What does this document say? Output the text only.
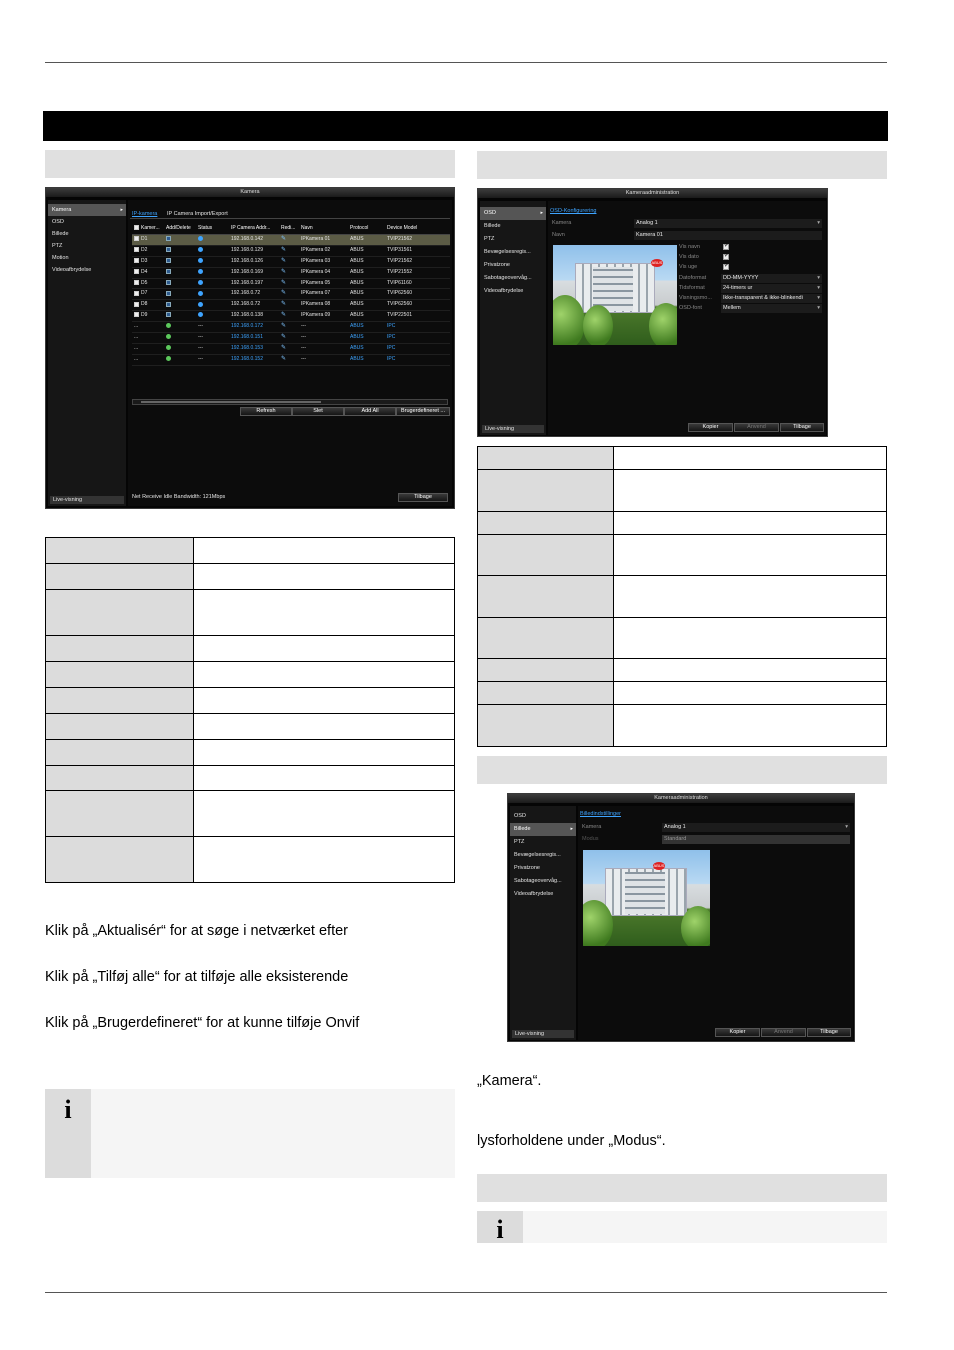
Kamera
Kamera ▸
OSD
Billede
PTZ
Motion
Videoafbrydelse
Live-visning
IP-kamera IP Camera Import/Export
Kamer...	Add/Delete	Status	IP Camera Addr...	Redi...	Navn	Protocol	Device Model
D1			192.168.0.142	✎	IPKamera 01	ABUS	TVIP21562
D2			192.168.0.129	✎	IPKamera 02	ABUS	TVIP31561
D3			192.168.0.126	✎	IPKamera 03	ABUS	TVIP21562
D4			192.168.0.169	✎	IPKamera 04	ABUS	TVIP21552
D5			192.168.0.197	✎	IPKamera 05	ABUS	TVIP61160
D7			192.168.0.72	✎	IPKamera 07	ABUS	TVIP62560
D8			192.168.0.72	✎	IPKamera 08	ABUS	TVIP62560
D9			192.168.0.138	✎	IPKamera 09	ABUS	TVIP22501
...		---	192.168.0.172	✎	---	ABUS	IPC
...		---	192.168.0.151	✎	---	ABUS	IPC
...		---	192.168.0.153	✎	---	ABUS	IPC
...		---	192.168.0.152	✎	---	ABUS	IPC
Refresh	Slet	Add All	Brugerdefineret ...
Net Receive Idle Bandwidth: 121Mbps	Tilbage

Klik på „Aktualisér“ for at søge i netværket efter
Klik på „Tilføj alle“ for at tilføje alle eksisterende
Klik på „Brugerdefineret“ for at kunne tilføje Onvif
i
Kameraadministration
OSD ▸
Billede
PTZ
Bevægelsesregis...
Privatzone
Sabotageovervåg...
Videoafbrydelse
Live-visning
OSD-Konfigurering
Kamera	Analog 1 ▾
Navn	Kamera 01
ABUS
Vis navn
✓
Vis dato
✓
Vis uge
✓
Datoformat	DD-MM-YYYY ▾
Tidsformat	24-timers ur ▾
Visningsmo...	Ikke-transparent & ikke-blinkendi ▾
OSD-font	Mellem ▾
Kopier	Anvend	Tilbage

Kameraadministration
OSD
Billede ▸
PTZ
Bevægelsesregis...
Privatzone
Sabotageovervåg...
Videoafbrydelse
Live-visning
Billedindstillinger
Kamera	Analog 1 ▾
Modus	Standard
ABUS
Kopier	Anvend	Tilbage
„Kamera“.
lysforholdene under „Modus“.
i
